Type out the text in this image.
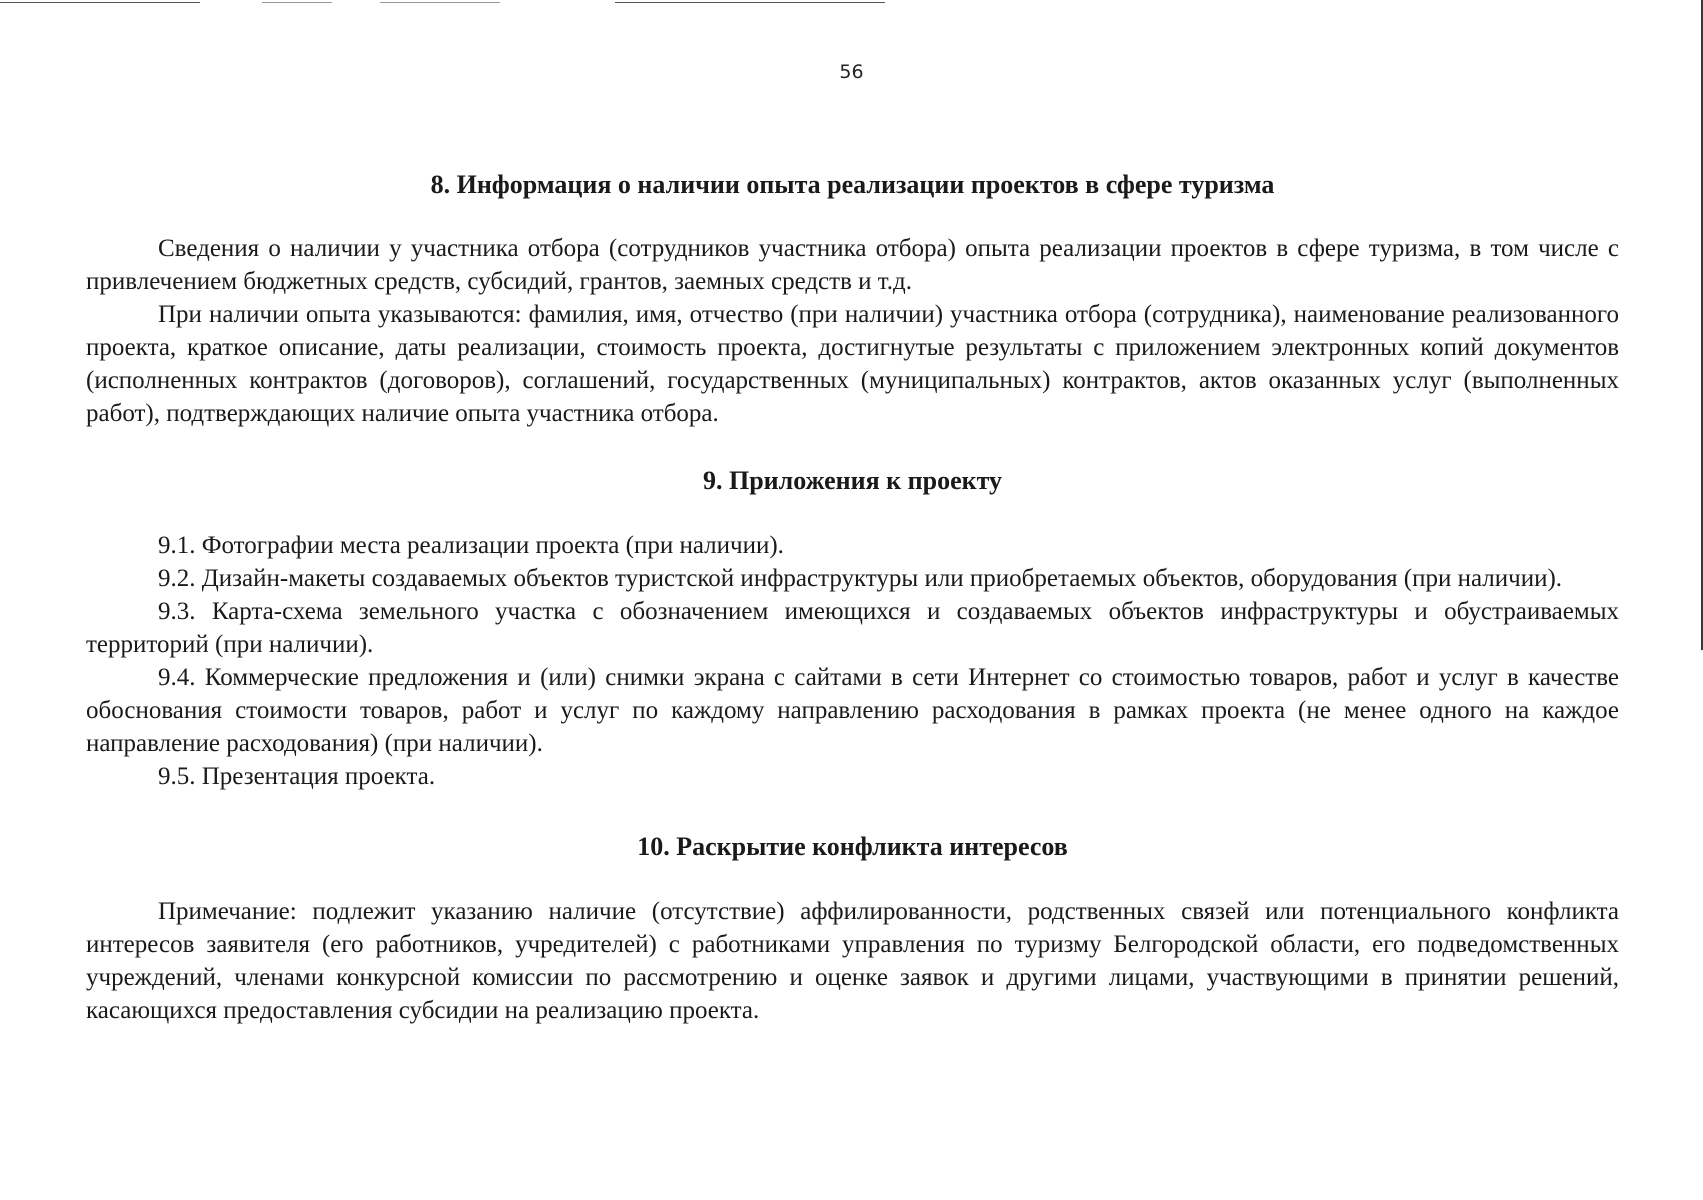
56
8. Информация о наличии опыта реализации проектов в сфере туризма

Сведения о наличии у участника отбора (сотрудников участника отбора) опыта реализации проектов в сфере туризма, в том числе с привлечением бюджетных средств, субсидий, грантов, заемных средств и т.д.

При наличии опыта указываются: фамилия, имя, отчество (при наличии) участника отбора (сотрудника), наименование реализованного проекта, краткое описание, даты реализации, стоимость проекта, достигнутые результаты с приложением электронных копий документов (исполненных контрактов (договоров), соглашений, государственных (муниципальных) контрактов, актов оказанных услуг (выполненных работ), подтверждающих наличие опыта участника отбора.

9. Приложения к проекту

9.1. Фотографии места реализации проекта (при наличии).

9.2. Дизайн-макеты создаваемых объектов туристской инфраструктуры или приобретаемых объектов, оборудования (при наличии).

9.3. Карта-схема земельного участка с обозначением имеющихся и создаваемых объектов инфраструктуры и обустраиваемых территорий (при наличии).

9.4. Коммерческие предложения и (или) снимки экрана с сайтами в сети Интернет со стоимостью товаров, работ и услуг в качестве обоснования стоимости товаров, работ и услуг по каждому направлению расходования в рамках проекта (не менее одного на каждое направление расходования) (при наличии).

9.5. Презентация проекта.

10. Раскрытие конфликта интересов

Примечание: подлежит указанию наличие (отсутствие) аффилированности, родственных связей или потенциального конфликта интересов заявителя (его работников, учредителей) с работниками управления по туризму Белгородской области, его подведомственных учреждений, членами конкурсной комиссии по рассмотрению и оценке заявок и другими лицами, участвующими в принятии решений, касающихся предоставления субсидии на реализацию проекта.
